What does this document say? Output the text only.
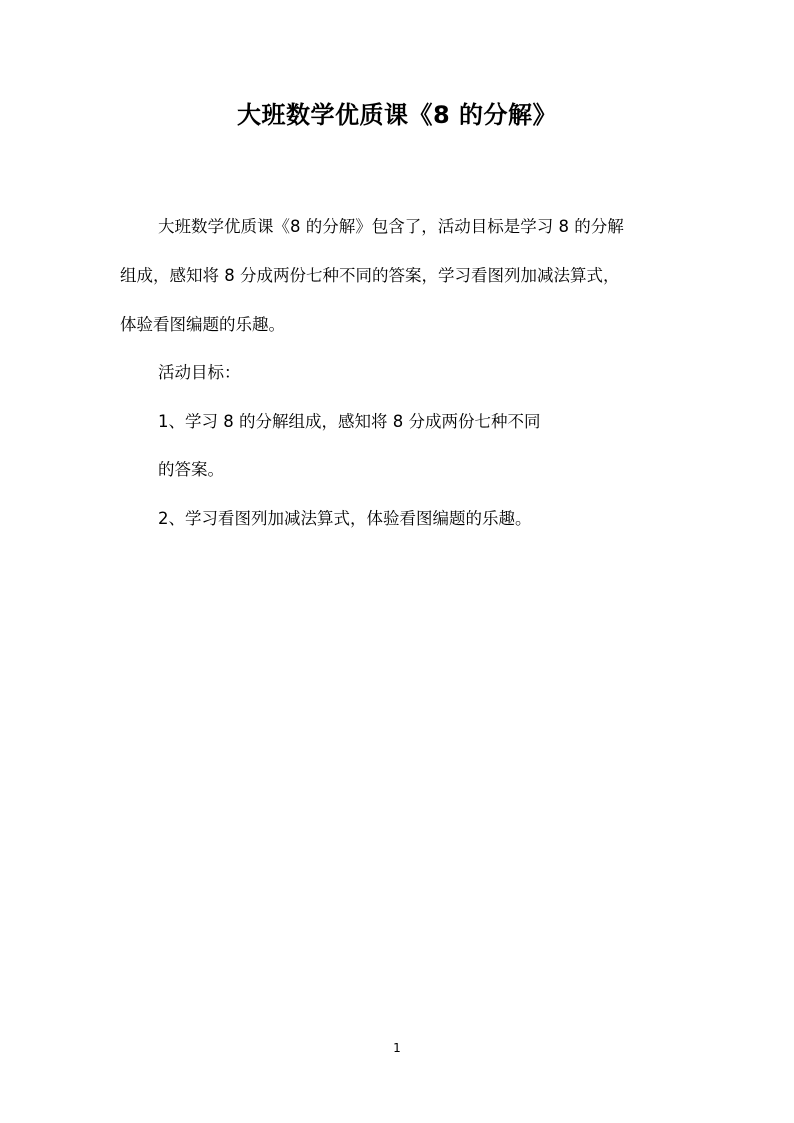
大班数学优质课《8 的分解》
大班数学优质课《8 的分解》包含了，活动目标是学习 8 的分解
组成，感知将 8 分成两份七种不同的答案，学习看图列加减法算式，
体验看图编题的乐趣。
活动目标：
1、学习 8 的分解组成，感知将 8 分成两份七种不同
的答案。
2、学习看图列加减法算式，体验看图编题的乐趣。
1
